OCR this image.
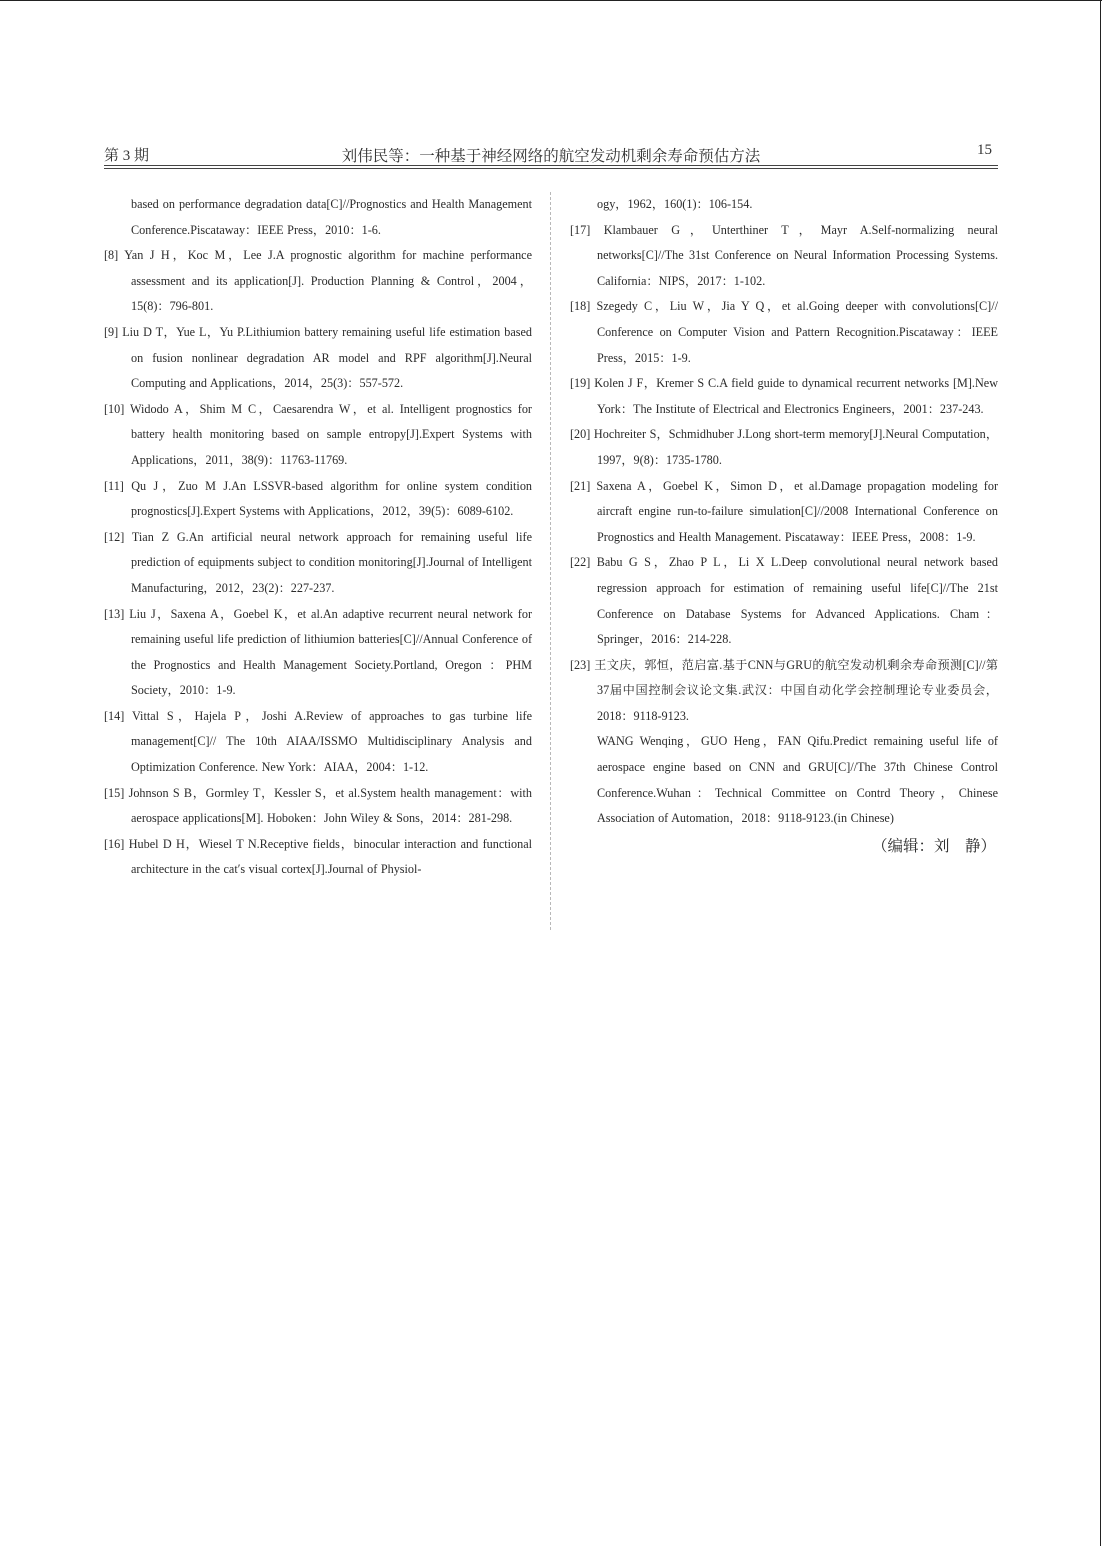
第 3 期	刘伟民等：一种基于神经网络的航空发动机剩余寿命预估方法	15

based on performance degradation data[C]//Prognostics and Health Management Conference.Piscataway：IEEE Press，2010：1-6.

[8] Yan J H，Koc M，Lee J.A prognostic algorithm for machine performance assessment and its application[J]. Production Planning & Control，2004，15(8)：796-801.

[9] Liu D T，Yue L，Yu P.Lithiumion battery remaining useful life estimation based on fusion nonlinear degradation AR model and RPF algorithm[J].Neural Computing and Applications，2014，25(3)：557-572.

[10] Widodo A，Shim M C，Caesarendra W，et al. Intelligent prognostics for battery health monitoring based on sample entropy[J].Expert Systems with Applications，2011，38(9)：11763-11769.

[11] Qu J，Zuo M J.An LSSVR-based algorithm for online system condition prognostics[J].Expert Systems with Applications，2012，39(5)：6089-6102.

[12] Tian Z G.An artificial neural network approach for remaining useful life prediction of equipments subject to condition monitoring[J].Journal of Intelligent Manufacturing，2012，23(2)：227-237.

[13] Liu J，Saxena A，Goebel K，et al.An adaptive recurrent neural network for remaining useful life prediction of lithiumion batteries[C]//Annual Conference of the Prognostics and Health Management Society.Portland, Oregon ：PHM Society，2010：1-9.

[14] Vittal S，Hajela P，Joshi A.Review of approaches to gas turbine life management[C]// The 10th AIAA/ISSMO Multidisciplinary Analysis and Optimization Conference. New York：AIAA，2004：1-12.

[15] Johnson S B，Gormley T，Kessler S，et al.System health management：with aerospace applications[M]. Hoboken：John Wiley & Sons，2014：281-298.

[16] Hubel D H，Wiesel T N.Receptive fields，binocular interaction and functional architecture in the cat′s visual cortex[J].Journal of Physiol-

ogy，1962，160(1)：106-154.

[17] Klambauer G，Unterthiner T，Mayr A.Self-normalizing neural networks[C]//The 31st Conference on Neural Information Processing Systems. California：NIPS，2017：1-102.

[18] Szegedy C，Liu W，Jia Y Q，et al.Going deeper with convolutions[C]// Conference on Computer Vision and Pattern Recognition.Piscataway：IEEE Press，2015：1-9.

[19] Kolen J F，Kremer S C.A field guide to dynamical recurrent networks [M].New York：The Institute of Electrical and Electronics Engineers，2001：237-243.

[20] Hochreiter S，Schmidhuber J.Long short-term memory[J].Neural Computation，1997，9(8)：1735-1780.

[21] Saxena A，Goebel K，Simon D，et al.Damage propagation modeling for aircraft engine run-to-failure simulation[C]//2008 International Conference on Prognostics and Health Management. Piscataway：IEEE Press，2008：1-9.

[22] Babu G S，Zhao P L，Li X L.Deep convolutional neural network based regression approach for estimation of remaining useful life[C]//The 21st Conference on Database Systems for Advanced Applications. Cham：Springer，2016：214-228.

[23] 王文庆，郭恒，范启富.基于CNN与GRU的航空发动机剩余寿命预测[C]//第37届中国控制会议论文集.武汉：中国自动化学会控制理论专业委员会，2018：9118-9123.

WANG Wenqing，GUO Heng，FAN Qifu.Predict remaining useful life of aerospace engine based on CNN and GRU[C]//The 37th Chinese Control Conference.Wuhan：Technical Committee on Contrd Theory，Chinese Association of Automation，2018：9118-9123.(in Chinese)

（编辑：刘　静）
